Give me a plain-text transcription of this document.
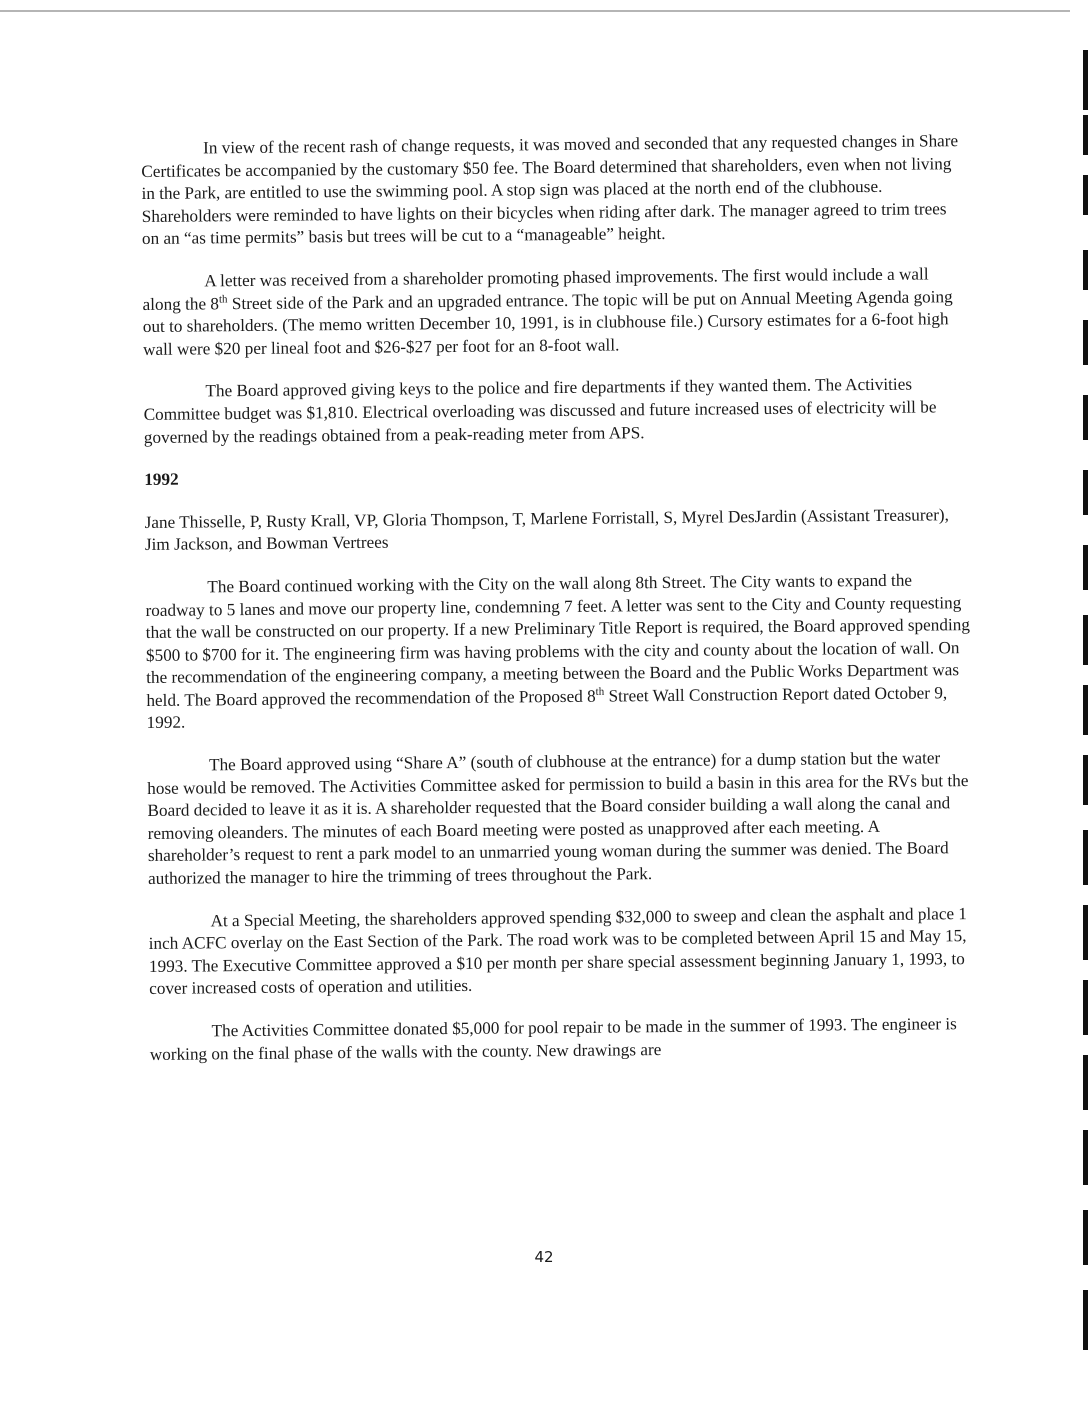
In view of the recent rash of change requests, it was moved and seconded that any requested changes in Share Certificates be accompanied by the customary $50 fee. The Board determined that shareholders, even when not living in the Park, are entitled to use the swimming pool. A stop sign was placed at the north end of the clubhouse. Shareholders were reminded to have lights on their bicycles when riding after dark. The manager agreed to trim trees on an “as time permits” basis but trees will be cut to a “manageable” height.

A letter was received from a shareholder promoting phased improvements. The first would include a wall along the 8th Street side of the Park and an upgraded entrance. The topic will be put on Annual Meeting Agenda going out to shareholders. (The memo written December 10, 1991, is in clubhouse file.) Cursory estimates for a 6-foot high wall were $20 per lineal foot and $26-$27 per foot for an 8-foot wall.

The Board approved giving keys to the police and fire departments if they wanted them. The Activities Committee budget was $1,810. Electrical overloading was discussed and future increased uses of electricity will be governed by the readings obtained from a peak-reading meter from APS.

1992

Jane Thisselle, P, Rusty Krall, VP, Gloria Thompson, T, Marlene Forristall, S, Myrel DesJardin (Assistant Treasurer), Jim Jackson, and Bowman Vertrees

The Board continued working with the City on the wall along 8th Street. The City wants to expand the roadway to 5 lanes and move our property line, condemning 7 feet. A letter was sent to the City and County requesting that the wall be constructed on our property. If a new Preliminary Title Report is required, the Board approved spending $500 to $700 for it. The engineering firm was having problems with the city and county about the location of wall. On the recommendation of the engineering company, a meeting between the Board and the Public Works Department was held. The Board approved the recommendation of the Proposed 8th Street Wall Construction Report dated October 9, 1992.

The Board approved using “Share A” (south of clubhouse at the entrance) for a dump station but the water hose would be removed. The Activities Committee asked for permission to build a basin in this area for the RVs but the Board decided to leave it as it is. A shareholder requested that the Board consider building a wall along the canal and removing oleanders. The minutes of each Board meeting were posted as unapproved after each meeting. A shareholder’s request to rent a park model to an unmarried young woman during the summer was denied. The Board authorized the manager to hire the trimming of trees throughout the Park.

At a Special Meeting, the shareholders approved spending $32,000 to sweep and clean the asphalt and place 1 inch ACFC overlay on the East Section of the Park. The road work was to be completed between April 15 and May 15, 1993. The Executive Committee approved a $10 per month per share special assessment beginning January 1, 1993, to cover increased costs of operation and utilities.

The Activities Committee donated $5,000 for pool repair to be made in the summer of 1993. The engineer is working on the final phase of the walls with the county. New drawings are

42
